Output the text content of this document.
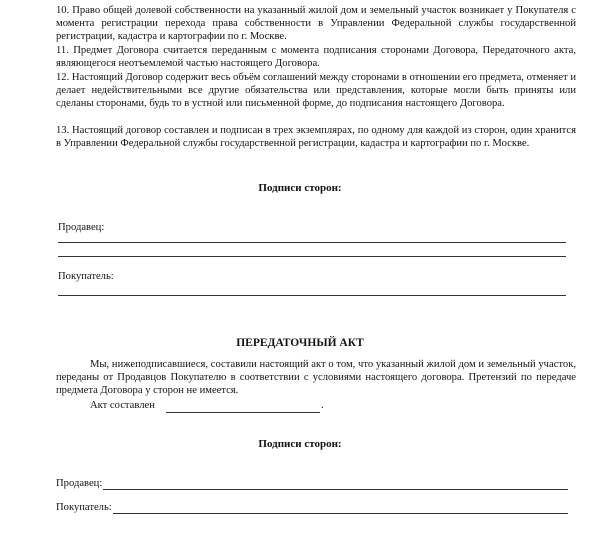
10. Право общей долевой собственности на указанный жилой дом и земельный участок возникает у Покупателя с момента регистрации перехода права собственности в Управлении Федеральной службы государственной регистрации, кадастра и картографии по г. Москве.

11. Предмет Договора считается переданным с момента подписания сторонами Договора, Передаточного акта, являющегося неотъемлемой частью настоящего Договора.

12. Настоящий Договор содержит весь объём соглашений между сторонами в отношении его предмета, отменяет и делает недействительными все другие обязательства или представления, которые могли быть приняты или сделаны сторонами, будь то в устной или письменной форме, до подписания настоящего Договора.

13. Настоящий договор составлен и подписан в трех экземплярах, по одному для каждой из сторон, один хранится в Управлении Федеральной службы государственной регистрации, кадастра и картографии по г. Москве.

Подписи сторон:
Продавец:
Покупатель:
ПЕРЕДАТОЧНЫЙ АКТ

Мы, нижеподписавшиеся, составили настоящий акт о том, что указанный жилой дом и земельный участок, переданы от Продавцов Покупателю в соответствии с условиями настоящего договора. Претензий по передаче предмета Договора у сторон не имеется.

Акт составлен	.
Подписи сторон:
Продавец:
Покупатель:
